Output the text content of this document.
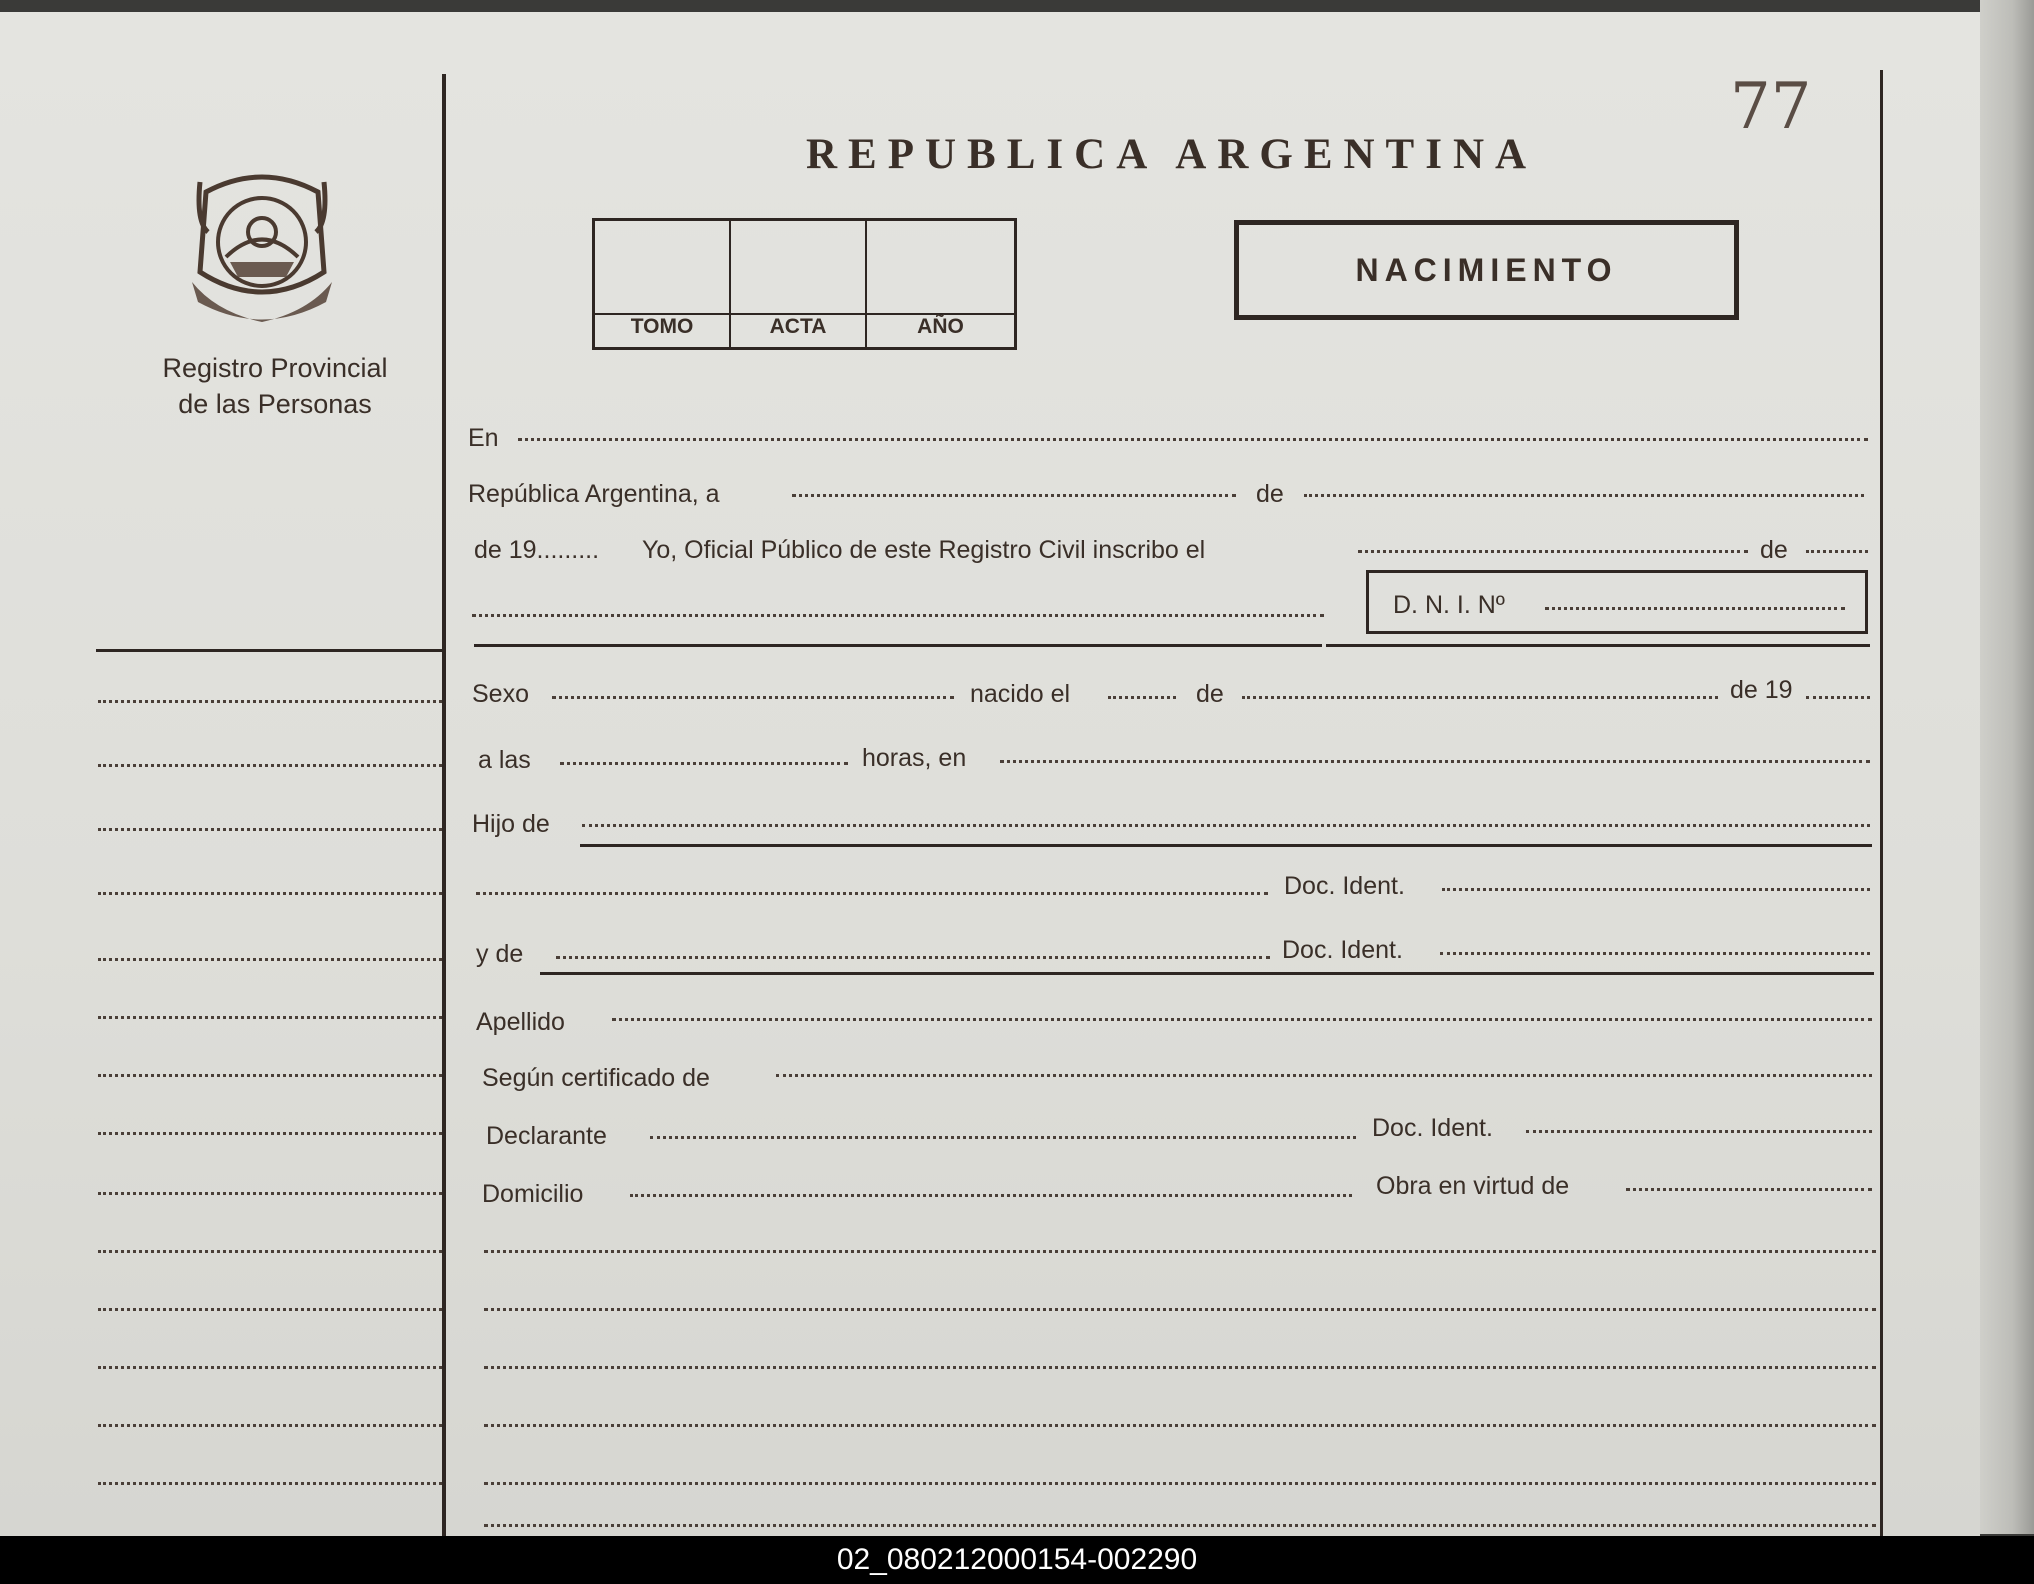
77
REPUBLICA ARGENTINA
Registro Provincial
de las Personas
TOMO	ACTA	AÑO
NACIMIENTO
En
República Argentina, a	de
de 19......... Yo, Oficial Público de este Registro Civil inscribo el	de
D. N. I. Nº
Sexo	nacido el	de	de 19
a las	horas, en
Hijo de
Doc. Ident.
y de	Doc. Ident.
Apellido
Según certificado de
Declarante	Doc. Ident.
Domicilio	Obra en virtud de
02_080212000154-002290
